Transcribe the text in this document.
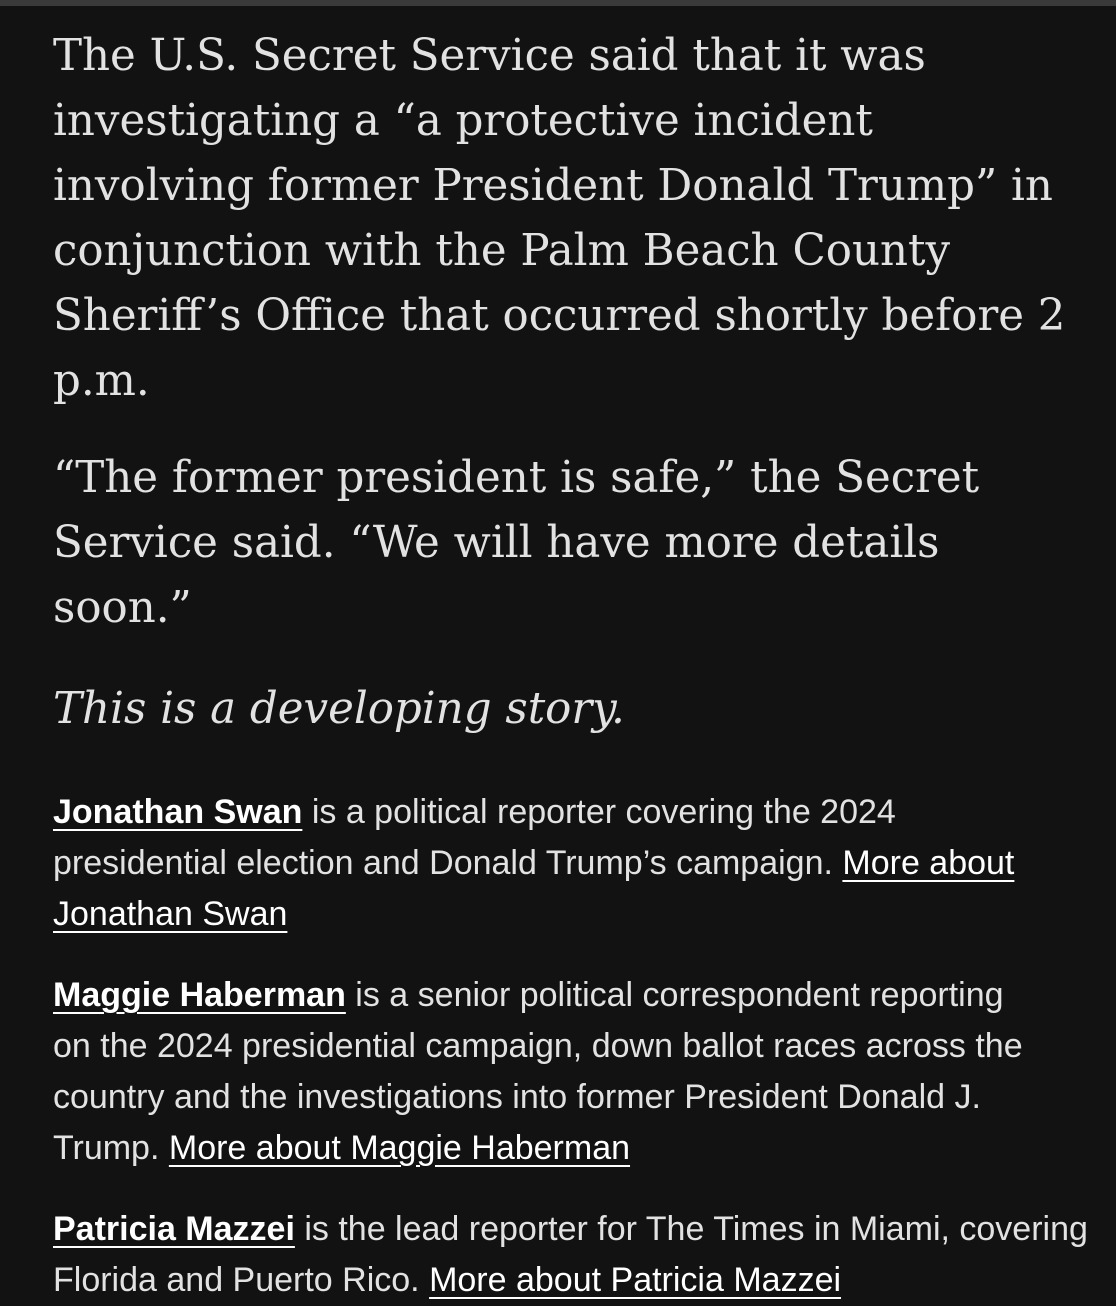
The U.S. Secret Service said that it was investigating a “a protective incident involving former President Donald Trump” in conjunction with the Palm Beach County Sheriff’s Office that occurred shortly before 2 p.m.

“The former president is safe,” the Secret Service said. “We will have more details soon.”

This is a developing story.

Jonathan Swan is a political reporter covering the 2024 presidential election and Donald Trump’s campaign. More about Jonathan Swan

Maggie Haberman is a senior political correspondent reporting on the 2024 presidential campaign, down ballot races across the country and the investigations into former President Donald J. Trump. More about Maggie Haberman

Patricia Mazzei is the lead reporter for The Times in Miami, covering Florida and Puerto Rico. More about Patricia Mazzei
